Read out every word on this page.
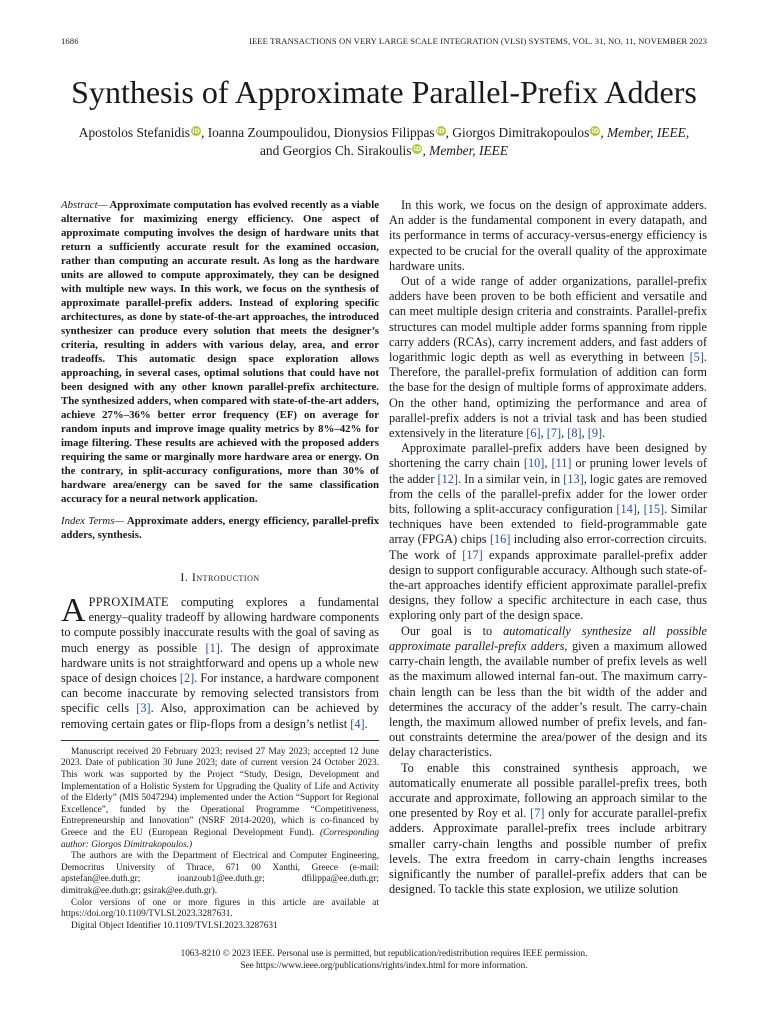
1686	IEEE TRANSACTIONS ON VERY LARGE SCALE INTEGRATION (VLSI) SYSTEMS, VOL. 31, NO. 11, NOVEMBER 2023
Synthesis of Approximate Parallel-Prefix Adders
Apostolos Stefanidis iD, Ioanna Zoumpoulidou, Dionysios Filippas iD, Giorgos Dimitrakopoulos iD, Member, IEEE,
and Georgios Ch. Sirakoulis iD, Member, IEEE

Abstract— Approximate computation has evolved recently as a viable alternative for maximizing energy efficiency. One aspect of approximate computing involves the design of hardware units that return a sufficiently accurate result for the examined occasion, rather than computing an accurate result. As long as the hardware units are allowed to compute approximately, they can be designed with multiple new ways. In this work, we focus on the synthesis of approximate parallel-prefix adders. Instead of exploring specific architectures, as done by state-of-the-art approaches, the introduced synthesizer can produce every solution that meets the designer’s criteria, resulting in adders with various delay, area, and error tradeoffs. This automatic design space exploration allows approaching, in several cases, optimal solutions that could have not been designed with any other known parallel-prefix architecture. The synthesized adders, when compared with state-of-the-art adders, achieve 27%–36% better error frequency (EF) on average for random inputs and improve image quality metrics by 8%–42% for image filtering. These results are achieved with the proposed adders requiring the same or marginally more hardware area or energy. On the contrary, in split-accuracy configurations, more than 30% of hardware area/energy can be saved for the same classification accuracy for a neural network application.

Index Terms— Approximate adders, energy efficiency, parallel-prefix adders, synthesis.

I. Introduction

APPROXIMATE computing explores a fundamental energy–quality tradeoff by allowing hardware components to compute possibly inaccurate results with the goal of saving as much energy as possible [1]. The design of approximate hardware units is not straightforward and opens up a whole new space of design choices [2]. For instance, a hardware component can become inaccurate by removing selected transistors from specific cells [3]. Also, approximation can be achieved by removing certain gates or flip-flops from a design’s netlist [4].

Manuscript received 20 February 2023; revised 27 May 2023; accepted 12 June 2023. Date of publication 30 June 2023; date of current version 24 October 2023. This work was supported by the Project “Study, Design, Development and Implementation of a Holistic System for Upgrading the Quality of Life and Activity of the Elderly” (MIS 5047294) implemented under the Action “Support for Regional Excellence”, funded by the Operational Programme “Competitiveness, Entrepreneurship and Innovation” (NSRF 2014-2020), which is co-financed by Greece and the EU (European Regional Development Fund). (Corresponding author: Giorgos Dimitrakopoulos.)

The authors are with the Department of Electrical and Computer Engineering, Democritus University of Thrace, 671 00 Xanthi, Greece (e-mail: apstefan@ee.duth.gr; ioanzoub1@ee.duth.gr; dfilippa@ee.duth.gr; dimitrak@ee.duth.gr; gsirak@ee.duth.gr).

Color versions of one or more figures in this article are available at https://doi.org/10.1109/TVLSI.2023.3287631.

Digital Object Identifier 10.1109/TVLSI.2023.3287631

In this work, we focus on the design of approximate adders. An adder is the fundamental component in every datapath, and its performance in terms of accuracy-versus-energy efficiency is expected to be crucial for the overall quality of the approximate hardware units.

Out of a wide range of adder organizations, parallel-prefix adders have been proven to be both efficient and versatile and can meet multiple design criteria and constraints. Parallel-prefix structures can model multiple adder forms spanning from ripple carry adders (RCAs), carry increment adders, and fast adders of logarithmic logic depth as well as everything in between [5]. Therefore, the parallel-prefix formulation of addition can form the base for the design of multiple forms of approximate adders. On the other hand, optimizing the performance and area of parallel-prefix adders is not a trivial task and has been studied extensively in the literature [6], [7], [8], [9].

Approximate parallel-prefix adders have been designed by shortening the carry chain [10], [11] or pruning lower levels of the adder [12]. In a similar vein, in [13], logic gates are removed from the cells of the parallel-prefix adder for the lower order bits, following a split-accuracy configuration [14], [15]. Similar techniques have been extended to field-programmable gate array (FPGA) chips [16] including also error-correction circuits. The work of [17] expands approximate parallel-prefix adder design to support configurable accuracy. Although such state-of-the-art approaches identify efficient approximate parallel-prefix designs, they follow a specific architecture in each case, thus exploring only part of the design space.

Our goal is to automatically synthesize all possible approximate parallel-prefix adders, given a maximum allowed carry-chain length, the available number of prefix levels as well as the maximum allowed internal fan-out. The maximum carry-chain length can be less than the bit width of the adder and determines the accuracy of the adder’s result. The carry-chain length, the maximum allowed number of prefix levels, and fan-out constraints determine the area/power of the design and its delay characteristics.

To enable this constrained synthesis approach, we automatically enumerate all possible parallel-prefix trees, both accurate and approximate, following an approach similar to the one presented by Roy et al. [7] only for accurate parallel-prefix adders. Approximate parallel-prefix trees include arbitrary smaller carry-chain lengths and possible number of prefix levels. The extra freedom in carry-chain lengths increases significantly the number of parallel-prefix adders that can be designed. To tackle this state explosion, we utilize solution

1063-8210 © 2023 IEEE. Personal use is permitted, but republication/redistribution requires IEEE permission.
See https://www.ieee.org/publications/rights/index.html for more information.
